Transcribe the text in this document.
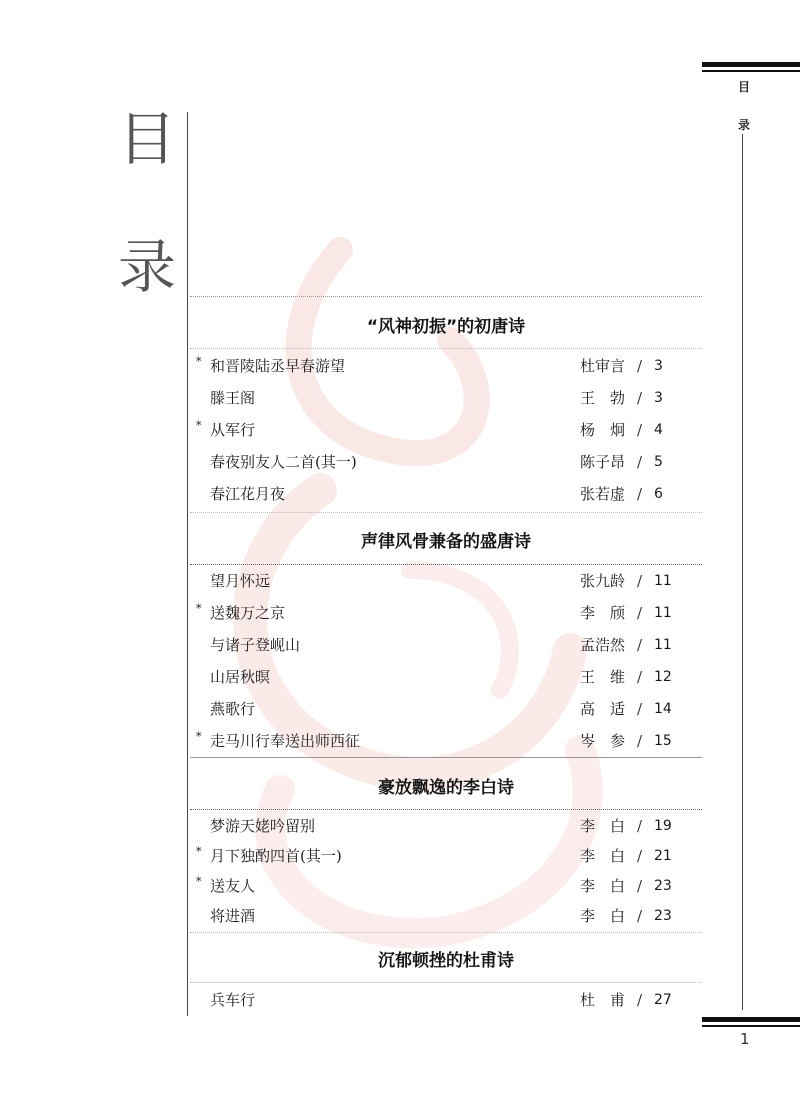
目
录
目
录
1
“风神初振”的初唐诗
* 和晋陵陆丞早春游望	杜审言 / 3
滕王阁	王　勃 / 3
* 从军行	杨　炯 / 4
春夜别友人二首(其一)	陈子昂 / 5
春江花月夜	张若虚 / 6
声律风骨兼备的盛唐诗
望月怀远	张九龄 / 11
* 送魏万之京	李　颀 / 11
与诸子登岘山	孟浩然 / 11
山居秋暝	王　维 / 12
燕歌行	高　适 / 14
* 走马川行奉送出师西征	岑　参 / 15
豪放飘逸的李白诗
梦游天姥吟留别	李　白 / 19
* 月下独酌四首(其一)	李　白 / 21
* 送友人	李　白 / 23
将进酒	李　白 / 23
沉郁顿挫的杜甫诗
兵车行	杜　甫 / 27
